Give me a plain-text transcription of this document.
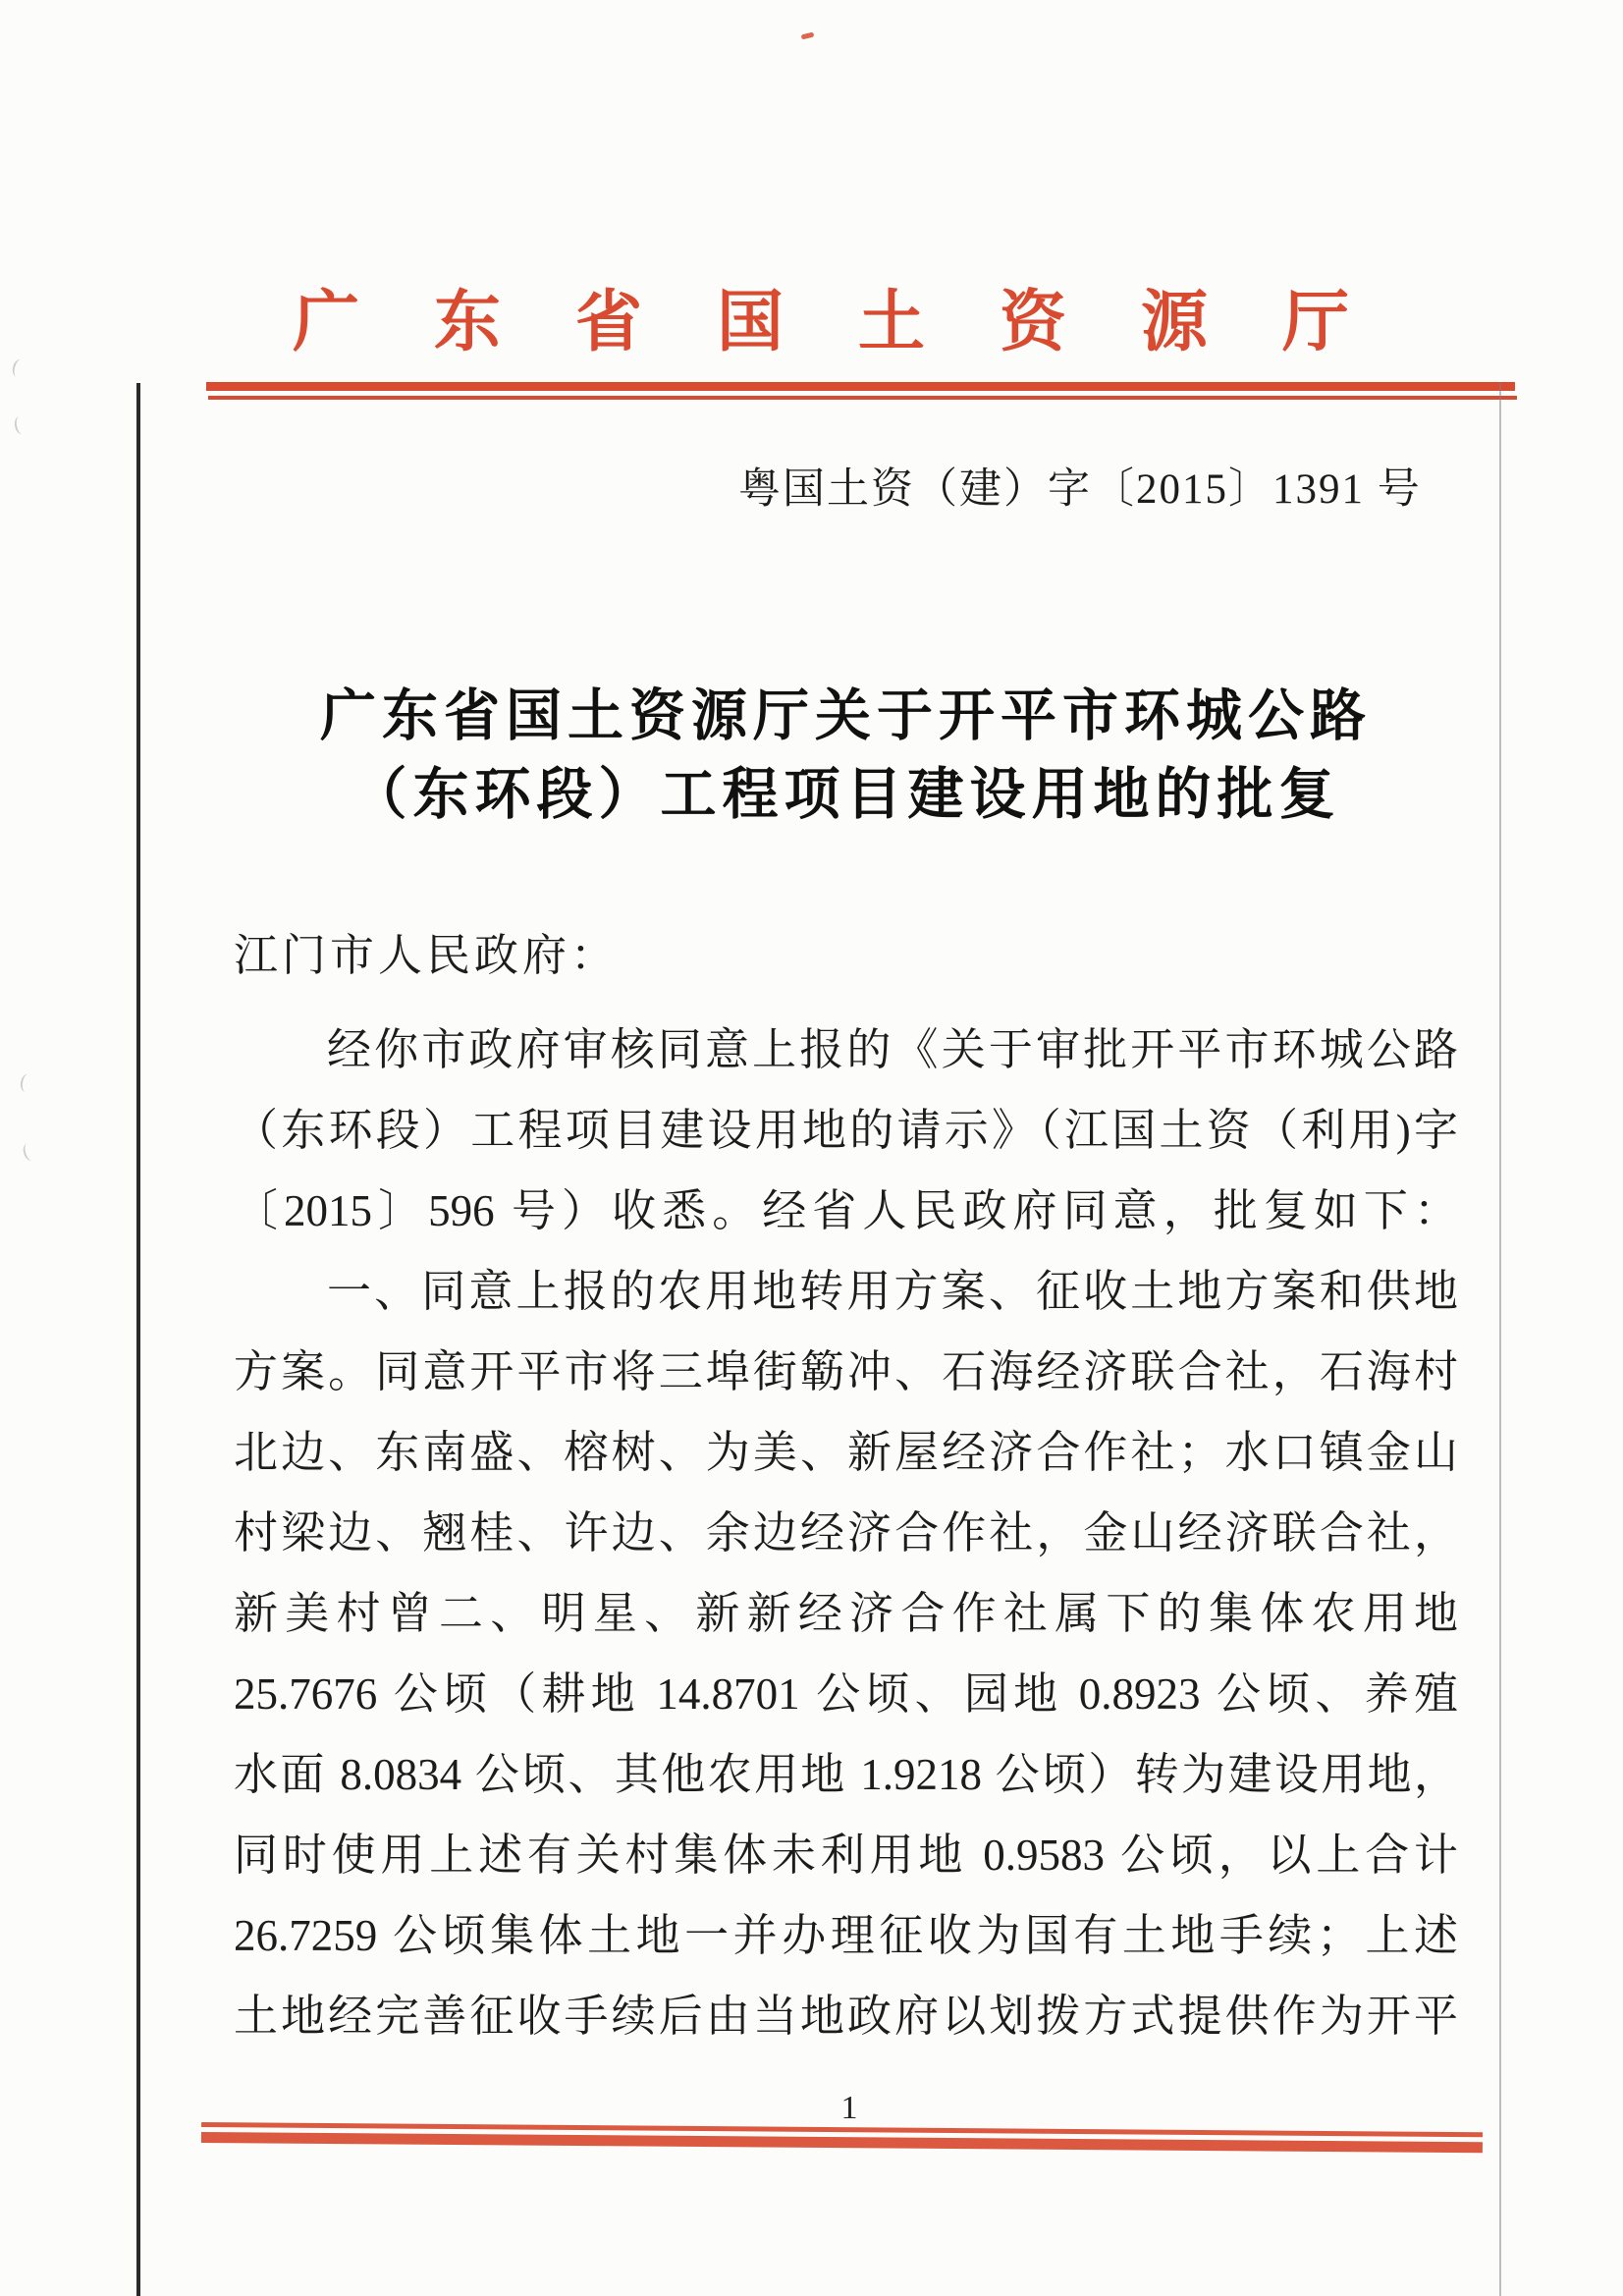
广东省国土资源厅
粤国土资（建）字〔2015〕1391 号
广东省国土资源厅关于开平市环城公路
（东环段）工程项目建设用地的批复
江门市人民政府：
经你市政府审核同意上报的《关于审批开平市环城公路
（东环段）工程项目建设用地的请示》（江国土资（利用)字
〔2015〕596 号）收悉。经省人民政府同意，批复如下：
一、同意上报的农用地转用方案、征收土地方案和供地
方案。同意开平市将三埠街簕冲、石海经济联合社，石海村
北边、东南盛、榕树、为美、新屋经济合作社；水口镇金山
村梁边、翘桂、许边、余边经济合作社，金山经济联合社，
新美村曾二、明星、新新经济合作社属下的集体农用地
25.7676 公顷（耕地 14.8701 公顷、园地 0.8923 公顷、养殖
水面 8.0834 公顷、其他农用地 1.9218 公顷）转为建设用地，
同时使用上述有关村集体未利用地 0.9583 公顷，以上合计
26.7259 公顷集体土地一并办理征收为国有土地手续；上述
土地经完善征收手续后由当地政府以划拨方式提供作为开平
1
